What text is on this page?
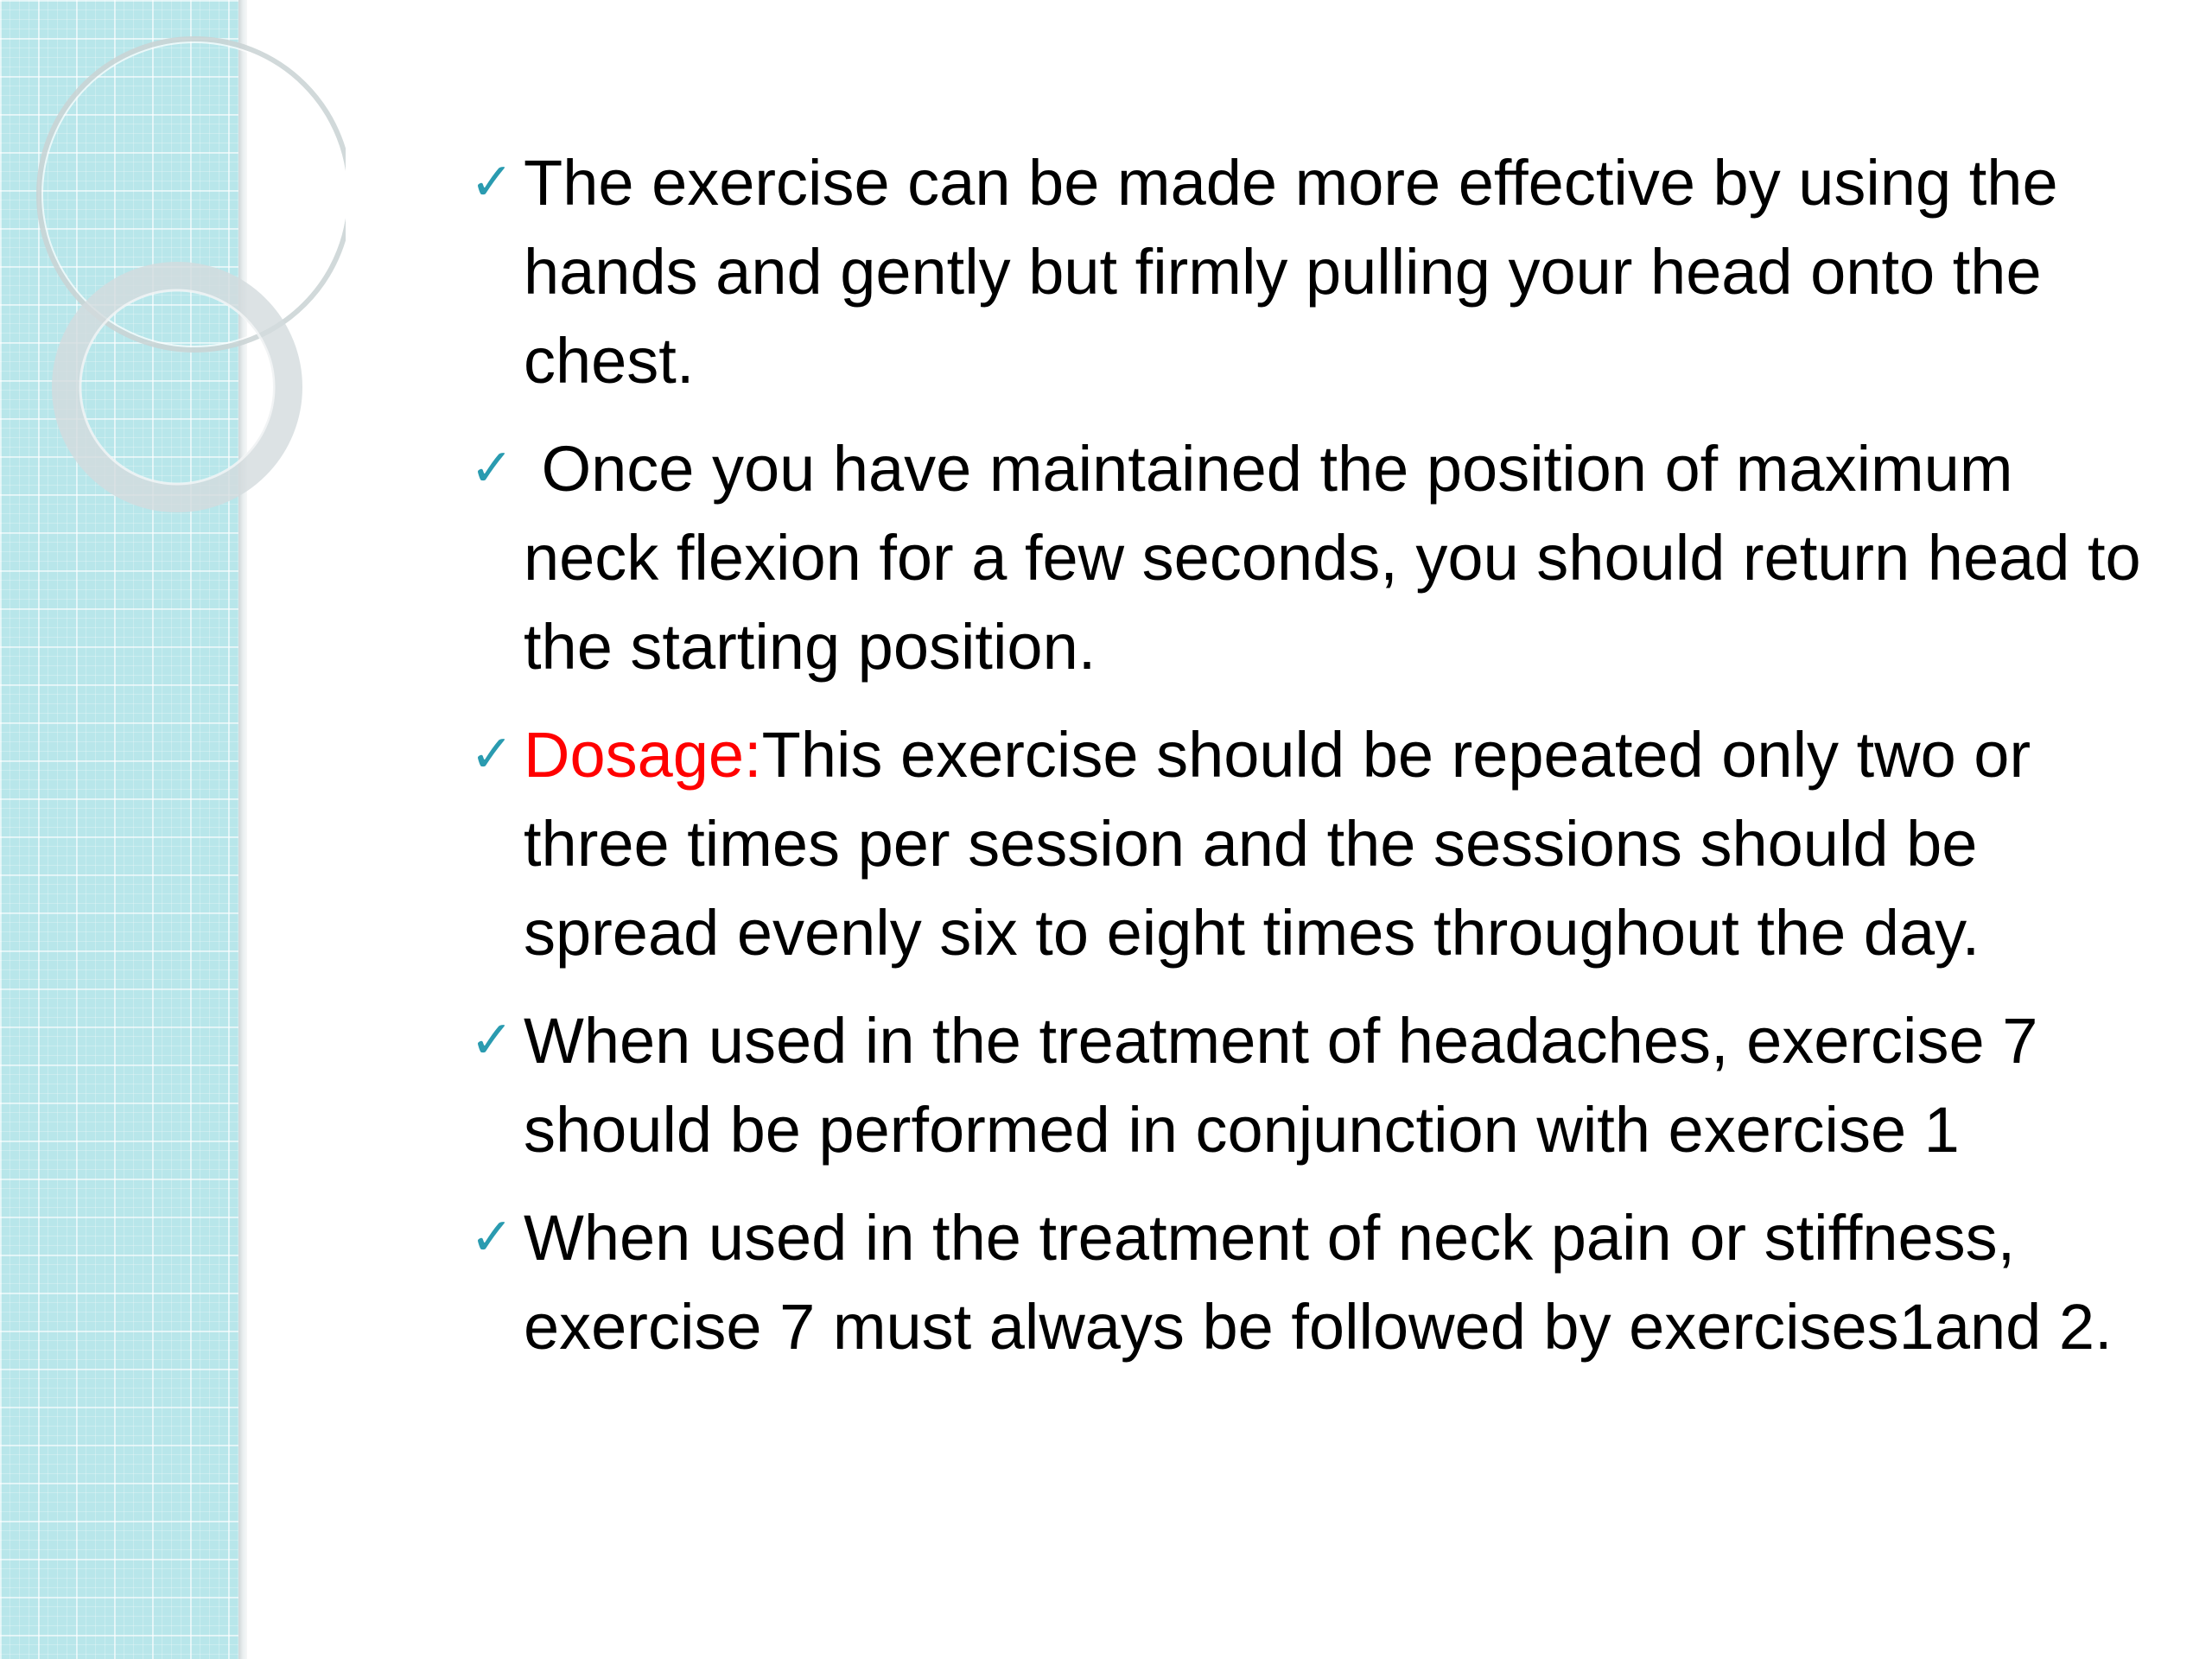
✓ The exercise can be made more effective by using the hands and gently but firmly pulling your head onto the chest.
✓ Once you have maintained the position of maximum neck flexion for a few seconds, you should return head to the starting position.
✓ Dosage:This exercise should be repeated only two or three times per session and the sessions should be spread evenly six to eight times throughout the day.
✓ When used in the treatment of headaches, exercise 7 should be performed in conjunction with exercise 1
✓ When used in the treatment of neck pain or stiffness, exercise 7 must always be followed by exercises1and 2.
